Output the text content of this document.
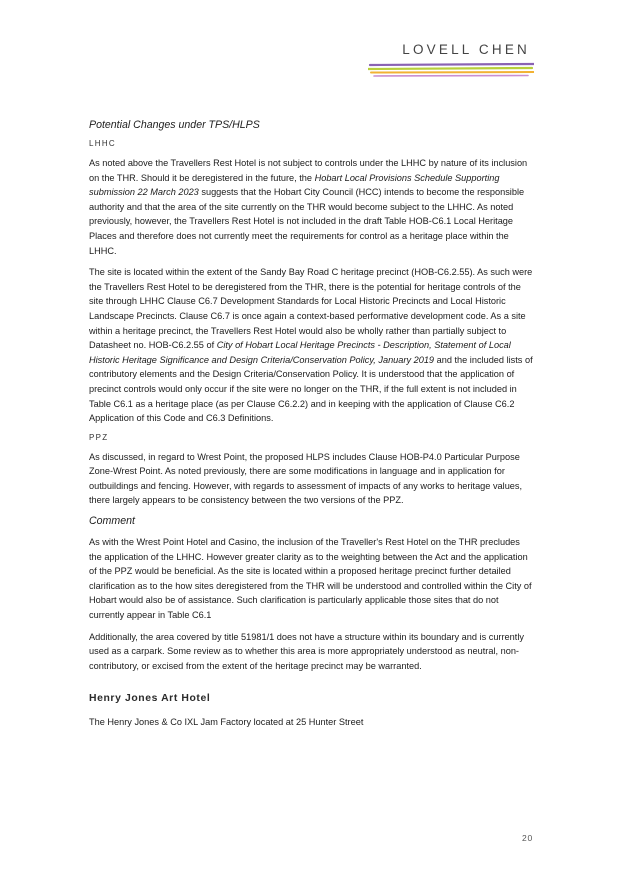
LOVELL CHEN
Potential Changes under TPS/HLPS
LHHC

As noted above the Travellers Rest Hotel is not subject to controls under the LHHC by nature of its inclusion on the THR. Should it be deregistered in the future, the Hobart Local Provisions Schedule Supporting submission 22 March 2023 suggests that the Hobart City Council (HCC) intends to become the responsible authority and that the area of the site currently on the THR would become subject to the LHHC. As noted previously, however, the Travellers Rest Hotel is not included in the draft Table HOB-C6.1 Local Heritage Places and therefore does not currently meet the requirements for control as a heritage place within the LHHC.

The site is located within the extent of the Sandy Bay Road C heritage precinct (HOB-C6.2.55). As such were the Travellers Rest Hotel to be deregistered from the THR, there is the potential for heritage controls of the site through LHHC Clause C6.7 Development Standards for Local Historic Precincts and Local Historic Landscape Precincts. Clause C6.7 is once again a context-based performative development code. As a site within a heritage precinct, the Travellers Rest Hotel would also be wholly rather than partially subject to Datasheet no. HOB-C6.2.55 of City of Hobart Local Heritage Precincts - Description, Statement of Local Historic Heritage Significance and Design Criteria/Conservation Policy, January 2019 and the included lists of contributory elements and the Design Criteria/Conservation Policy. It is understood that the application of precinct controls would only occur if the site were no longer on the THR, if the full extent is not included in Table C6.1 as a heritage place (as per Clause C6.2.2) and in keeping with the application of Clause C6.2 Application of this Code and C6.3 Definitions.

PPZ

As discussed, in regard to Wrest Point, the proposed HLPS includes Clause HOB-P4.0 Particular Purpose Zone-Wrest Point. As noted previously, there are some modifications in language and in application for outbuildings and fencing. However, with regards to assessment of impacts of any works to heritage values, there largely appears to be consistency between the two versions of the PPZ.

Comment

As with the Wrest Point Hotel and Casino, the inclusion of the Traveller's Rest Hotel on the THR precludes the application of the LHHC. However greater clarity as to the weighting between the Act and the application of the PPZ would be beneficial. As the site is located within a proposed heritage precinct further detailed clarification as to the how sites deregistered from the THR will be understood and controlled within the City of Hobart would also be of assistance. Such clarification is particularly applicable those sites that do not currently appear in Table C6.1

Additionally, the area covered by title 51981/1 does not have a structure within its boundary and is currently used as a carpark. Some review as to whether this area is more appropriately understood as neutral, non-contributory, or excised from the extent of the heritage precinct may be warranted.

Henry Jones Art Hotel

The Henry Jones & Co IXL Jam Factory located at 25 Hunter Street

20
